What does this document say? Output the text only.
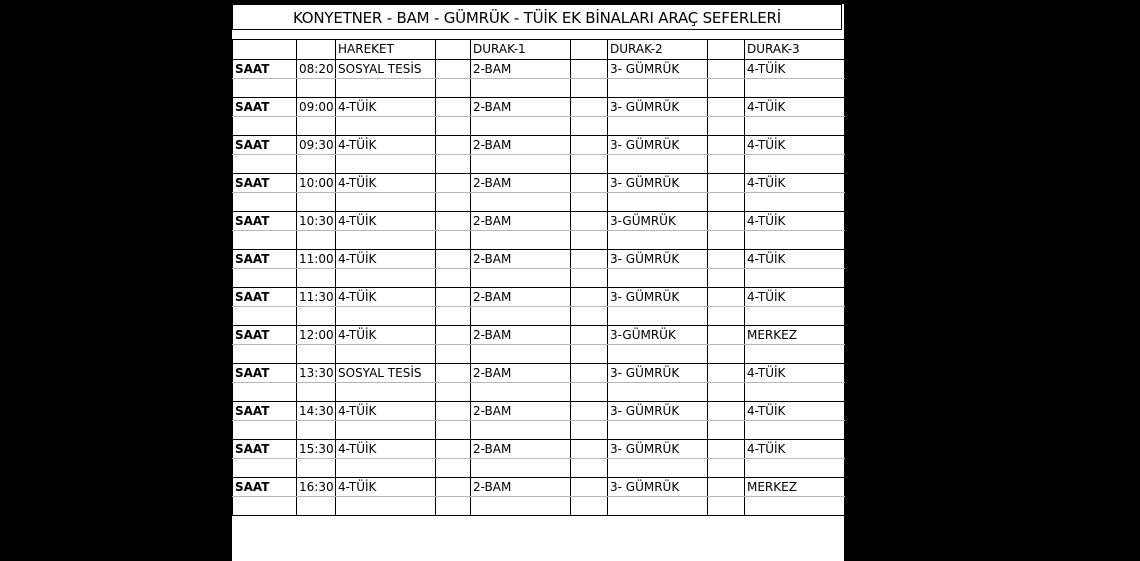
KONYETNER - BAM - GÜMRÜK - TÜİK EK BİNALARI ARAÇ SEFERLERİ
		HAREKET		DURAK-1		DURAK-2		DURAK-3
SAAT	08:20	SOSYAL TESİS		2-BAM		3- GÜMRÜK		4-TÜİK

SAAT	09:00	4-TÜİK		2-BAM		3- GÜMRÜK		4-TÜİK

SAAT	09:30	4-TÜİK		2-BAM		3- GÜMRÜK		4-TÜİK

SAAT	10:00	4-TÜİK		2-BAM		3- GÜMRÜK		4-TÜİK

SAAT	10:30	4-TÜİK		2-BAM		3-GÜMRÜK		4-TÜİK

SAAT	11:00	4-TÜİK		2-BAM		3- GÜMRÜK		4-TÜİK

SAAT	11:30	4-TÜİK		2-BAM		3- GÜMRÜK		4-TÜİK

SAAT	12:00	4-TÜİK		2-BAM		3-GÜMRÜK		MERKEZ

SAAT	13:30	SOSYAL TESİS		2-BAM		3- GÜMRÜK		4-TÜİK

SAAT	14:30	4-TÜİK		2-BAM		3- GÜMRÜK		4-TÜİK

SAAT	15:30	4-TÜİK		2-BAM		3- GÜMRÜK		4-TÜİK

SAAT	16:30	4-TÜİK		2-BAM		3- GÜMRÜK		MERKEZ
